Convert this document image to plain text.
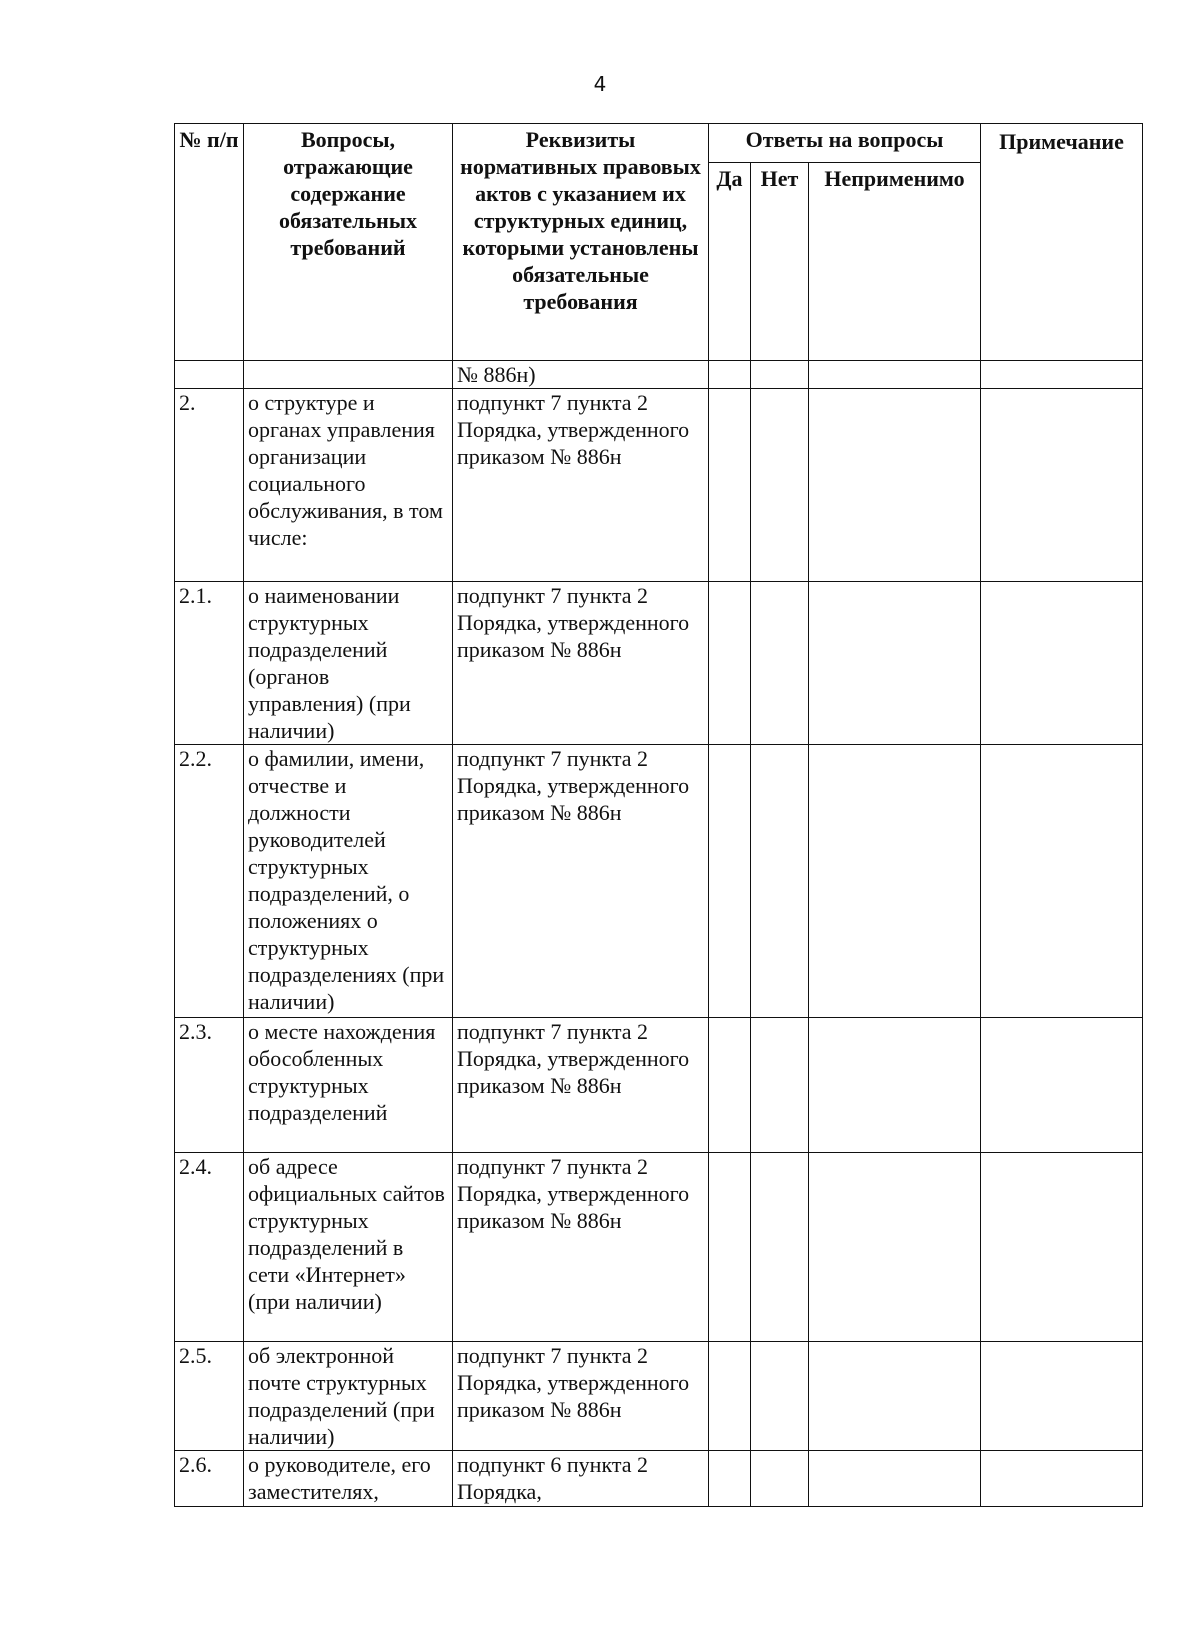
4
№ п/п	Вопросы, отражающие содержание обязательных требований	Реквизиты нормативных правовых актов с указанием их структурных единиц, которыми установлены обязательные требования	Ответы на вопросы			Примечание
			Да	Нет	Неприменимо	
		№ 886н)				
2.	о структуре и органах управления организации социального обслуживания, в том числе:	подпункт 7 пункта 2 Порядка, утвержденного приказом № 886н				
2.1.	о наименовании структурных подразделений (органов управления) (при наличии)	подпункт 7 пункта 2 Порядка, утвержденного приказом № 886н				
2.2.	о фамилии, имени, отчестве и должности руководителей структурных подразделений, о положениях о структурных подразделениях (при наличии)	подпункт 7 пункта 2 Порядка, утвержденного приказом № 886н				
2.3.	о месте нахождения обособленных структурных подразделений	подпункт 7 пункта 2 Порядка, утвержденного приказом № 886н				
2.4.	об адресе официальных сайтов структурных подразделений в сети «Интернет» (при наличии)	подпункт 7 пункта 2 Порядка, утвержденного приказом № 886н				
2.5.	об электронной почте структурных подразделений (при наличии)	подпункт 7 пункта 2 Порядка, утвержденного приказом № 886н				
2.6.	о руководителе, его заместителях,	подпункт 6 пункта 2 Порядка,				
